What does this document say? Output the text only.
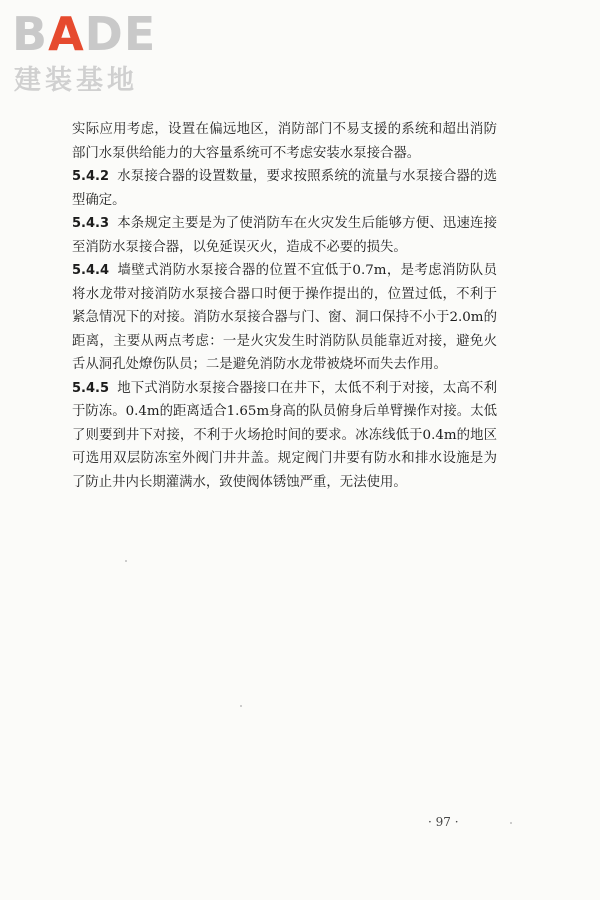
BADE
建装基地

实际应用考虑，设置在偏远地区，消防部门不易支援的系统和超出消防部门水泵供给能力的大容量系统可不考虑安装水泵接合器。

5.4.2 水泵接合器的设置数量，要求按照系统的流量与水泵接合器的选型确定。

5.4.3 本条规定主要是为了使消防车在火灾发生后能够方便、迅速连接至消防水泵接合器，以免延误灭火，造成不必要的损失。

5.4.4 墙壁式消防水泵接合器的位置不宜低于0.7m，是考虑消防队员将水龙带对接消防水泵接合器口时便于操作提出的，位置过低，不利于紧急情况下的对接。消防水泵接合器与门、窗、洞口保持不小于2.0m的距离，主要从两点考虑：一是火灾发生时消防队员能靠近对接，避免火舌从洞孔处燎伤队员；二是避免消防水龙带被烧坏而失去作用。

5.4.5 地下式消防水泵接合器接口在井下，太低不利于对接，太高不利于防冻。0.4m的距离适合1.65m身高的队员俯身后单臂操作对接。太低了则要到井下对接，不利于火场抢时间的要求。冰冻线低于0.4m的地区可选用双层防冻室外阀门井井盖。规定阀门井要有防水和排水设施是为了防止井内长期灌满水，致使阀体锈蚀严重，无法使用。

· 97 ·
